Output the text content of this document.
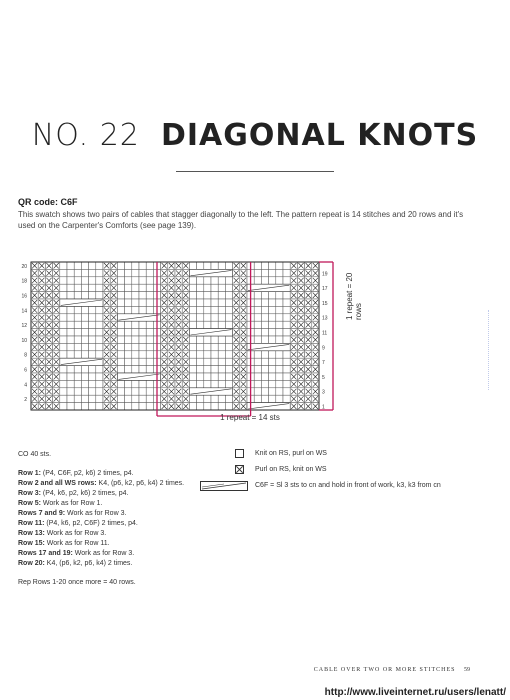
NO. 22 DIAGONAL KNOTS
QR code: C6F
This swatch shows two pairs of cables that stagger diagonally to the left. The pattern repeat is 14 stitches and 20 rows and it's used on the Carpenter's Comforts (see page 139).
20
18
16
14
12
10
8
6
4
2
19
17
15
13
11
9
7
5
3
1
1 repeat = 20 rows
1 repeat = 14 sts
CO 40 sts.
Row 1: (P4, C6F, p2, k6) 2 times, p4.
Row 2 and all WS rows: K4, (p6, k2, p6, k4) 2 times.
Row 3: (P4, k6, p2, k6) 2 times, p4.
Row 5: Work as for Row 1.
Rows 7 and 9: Work as for Row 3.
Row 11: (P4, k6, p2, C6F) 2 times, p4.
Row 13: Work as for Row 3.
Row 15: Work as for Row 11.
Rows 17 and 19: Work as for Row 3.
Row 20: K4, (p6, k2, p6, k4) 2 times.
Rep Rows 1-20 once more = 40 rows.
Knit on RS, purl on WS
Purl on RS, knit on WS
C6F = Sl 3 sts to cn and hold in front of work, k3, k3 from cn
CABLE OVER TWO OR MORE STITCHES 59
http://www.liveinternet.ru/users/lenatt/
